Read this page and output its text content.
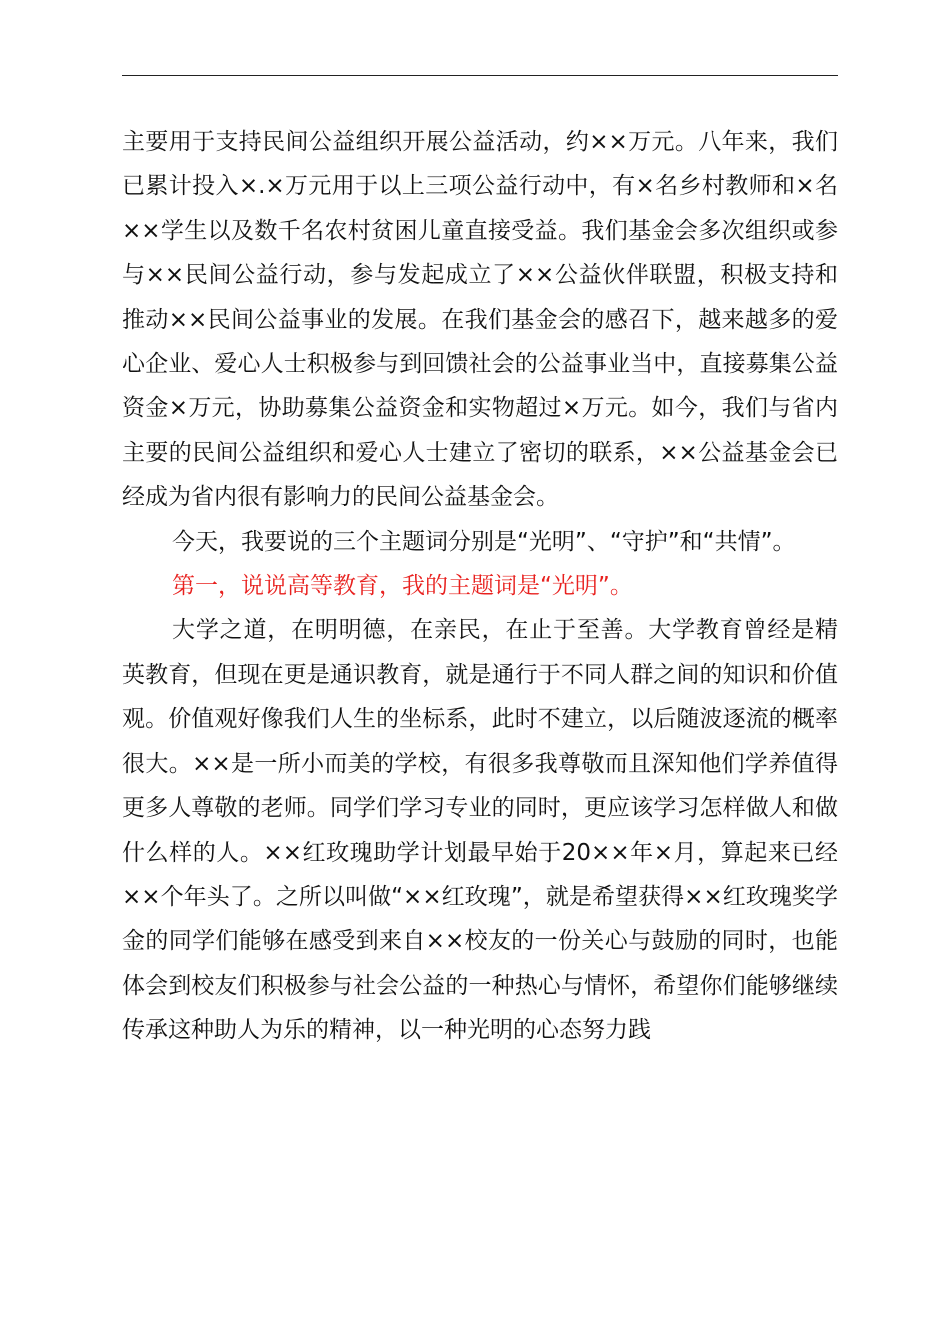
主要用于支持民间公益组织开展公益活动，约××万元。八年来，我们已累计投入×.×万元用于以上三项公益行动中，有×名乡村教师和×名××学生以及数千名农村贫困儿童直接受益。我们基金会多次组织或参与××民间公益行动，参与发起成立了××公益伙伴联盟，积极支持和推动××民间公益事业的发展。在我们基金会的感召下，越来越多的爱心企业、爱心人士积极参与到回馈社会的公益事业当中，直接募集公益资金×万元，协助募集公益资金和实物超过×万元。如今，我们与省内主要的民间公益组织和爱心人士建立了密切的联系，××公益基金会已经成为省内很有影响力的民间公益基金会。

今天，我要说的三个主题词分别是“光明”、“守护”和“共情”。

第一，说说高等教育，我的主题词是“光明”。

大学之道，在明明德，在亲民，在止于至善。大学教育曾经是精英教育，但现在更是通识教育，就是通行于不同人群之间的知识和价值观。价值观好像我们人生的坐标系，此时不建立，以后随波逐流的概率很大。××是一所小而美的学校，有很多我尊敬而且深知他们学养值得更多人尊敬的老师。同学们学习专业的同时，更应该学习怎样做人和做什么样的人。××红玫瑰助学计划最早始于20××年×月，算起来已经××个年头了。之所以叫做“××红玫瑰”，就是希望获得××红玫瑰奖学金的同学们能够在感受到来自××校友的一份关心与鼓励的同时，也能体会到校友们积极参与社会公益的一种热心与情怀，希望你们能够继续传承这种助人为乐的精神，以一种光明的心态努力践
